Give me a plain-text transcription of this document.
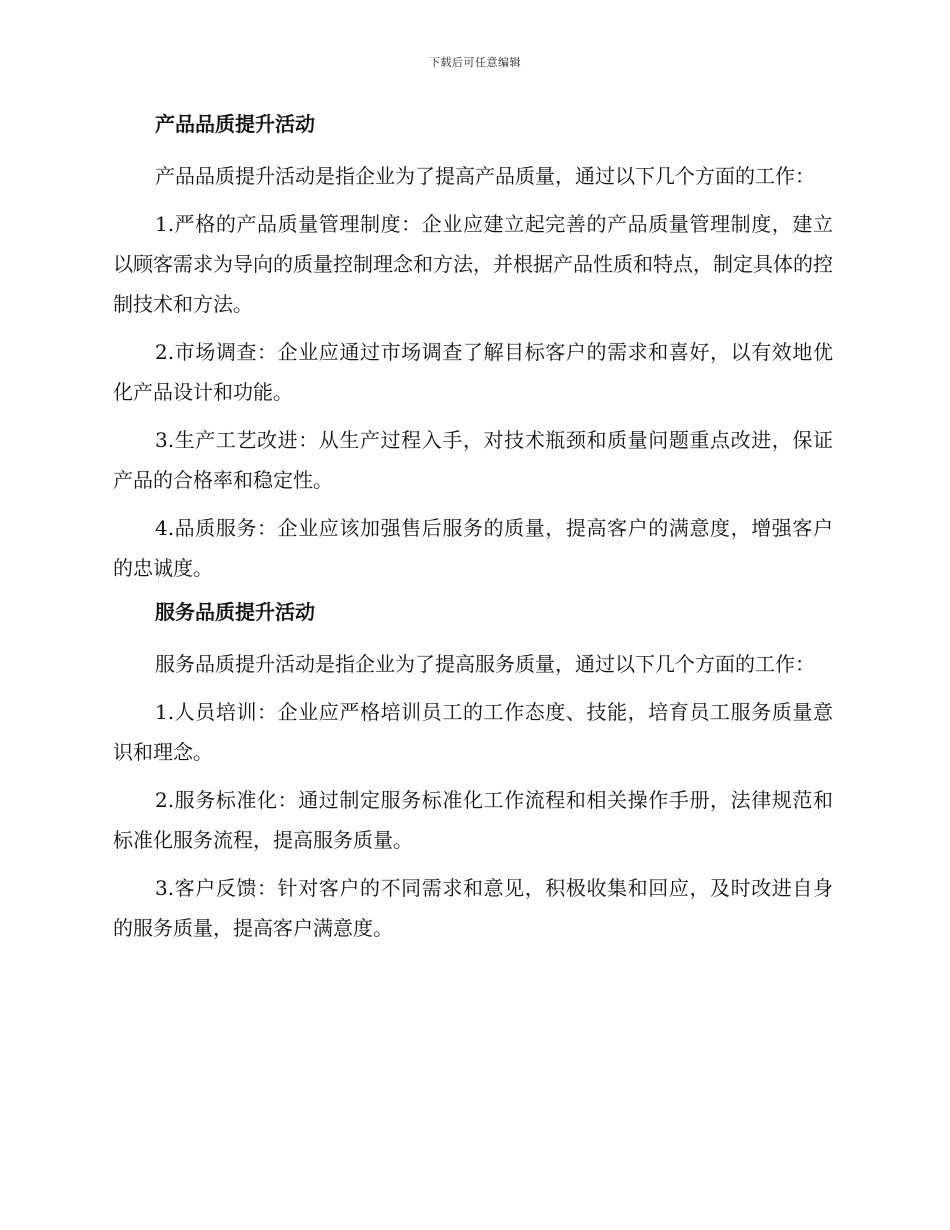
下载后可任意编辑
产品品质提升活动

产品品质提升活动是指企业为了提高产品质量，通过以下几个方面的工作：

1.严格的产品质量管理制度：企业应建立起完善的产品质量管理制度，建立以顾客需求为导向的质量控制理念和方法，并根据产品性质和特点，制定具体的控制技术和方法。

2.市场调查：企业应通过市场调查了解目标客户的需求和喜好，以有效地优化产品设计和功能。

3.生产工艺改进：从生产过程入手，对技术瓶颈和质量问题重点改进，保证产品的合格率和稳定性。

4.品质服务：企业应该加强售后服务的质量，提高客户的满意度，增强客户的忠诚度。

服务品质提升活动

服务品质提升活动是指企业为了提高服务质量，通过以下几个方面的工作：

1.人员培训：企业应严格培训员工的工作态度、技能，培育员工服务质量意识和理念。

2.服务标准化：通过制定服务标准化工作流程和相关操作手册，法律规范和标准化服务流程，提高服务质量。

3.客户反馈：针对客户的不同需求和意见，积极收集和回应，及时改进自身的服务质量，提高客户满意度。
